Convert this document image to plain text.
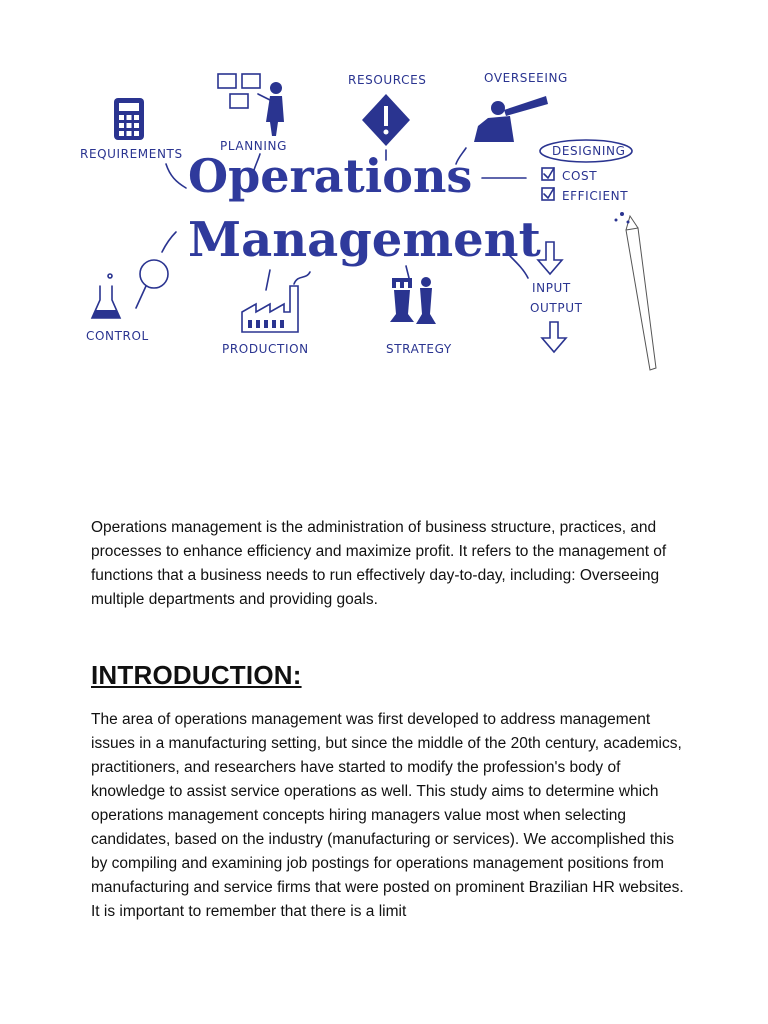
REQUIREMENTS
PLANNING
RESOURCES	OVERSEEING
Operations
Management
DESIGNING
COST
EFFICIENT
INPUT
OUTPUT
CONTROL
PRODUCTION	STRATEGY

Operations management is the administration of business structure, practices, and processes to enhance efficiency and maximize profit. It refers to the management of functions that a business needs to run effectively day-to-day, including: Overseeing multiple departments and providing goals.

INTRODUCTION:

The area of operations management was first developed to address management issues in a manufacturing setting, but since the middle of the 20th century, academics, practitioners, and researchers have started to modify the profession's body of knowledge to assist service operations as well. This study aims to determine which operations management concepts hiring managers value most when selecting candidates, based on the industry (manufacturing or services). We accomplished this by compiling and examining job postings for operations management positions from manufacturing and service firms that were posted on prominent Brazilian HR websites. It is important to remember that there is a limit
